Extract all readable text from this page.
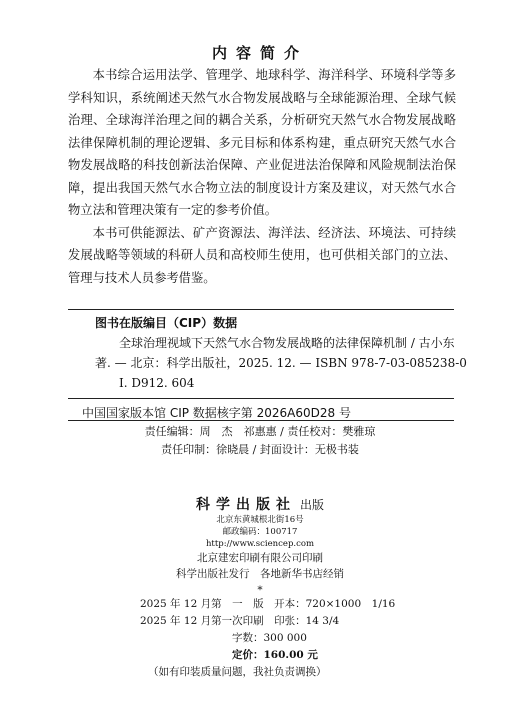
内容简介

本书综合运用法学、管理学、地球科学、海洋科学、环境科学等多学科知识，系统阐述天然气水合物发展战略与全球能源治理、全球气候治理、全球海洋治理之间的耦合关系，分析研究天然气水合物发展战略法律保障机制的理论逻辑、多元目标和体系构建，重点研究天然气水合物发展战略的科技创新法治保障、产业促进法治保障和风险规制法治保障，提出我国天然气水合物立法的制度设计方案及建议，对天然气水合物立法和管理决策有一定的参考价值。

本书可供能源法、矿产资源法、海洋法、经济法、环境法、可持续发展战略等领域的科研人员和高校师生使用，也可供相关部门的立法、管理与技术人员参考借鉴。

图书在版编目（CIP）数据
全球治理视域下天然气水合物发展战略的法律保障机制 / 古小东
著. — 北京：科学出版社，2025. 12. — ISBN 978-7-03-085238-0
Ⅰ. D912. 604
中国国家版本馆 CIP 数据核字第 2026A60D28 号
责任编辑：周　杰　祁惠惠 / 责任校对：樊雅琼
责任印制：徐晓晨 / 封面设计：无极书装
科学出版社 出版
北京东黄城根北街16号
邮政编码：100717
http://www.sciencep.com
北京建宏印刷有限公司印刷
科学出版社发行　各地新华书店经销
*
2025 年 12 月第　一　版　开本：720×1000　1/16
2025 年 12 月第一次印刷　印张：14 3/4
字数：300 000
定价：160.00 元
（如有印装质量问题，我社负责调换）
